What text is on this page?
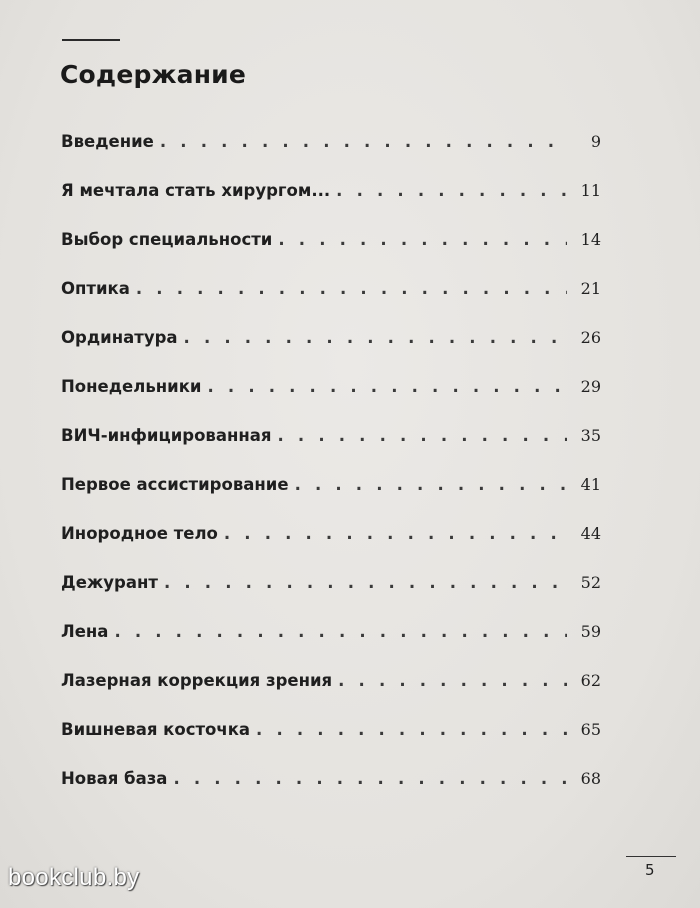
Содержание
Введение . . .	9
Я мечтала стать хирургом... . . .	11
Выбор специальности . . .	14
Оптика . . .	21
Ординатура . . .	26
Понедельники . . .	29
ВИЧ-инфицированная . . .	35
Первое ассистирование . . .	41
Инородное тело . . .	44
Дежурант . . .	52
Лена . . .	59
Лазерная коррекция зрения . . .	62
Вишневая косточка . . .	65
Новая база . . .	68
5
bookclub.by
